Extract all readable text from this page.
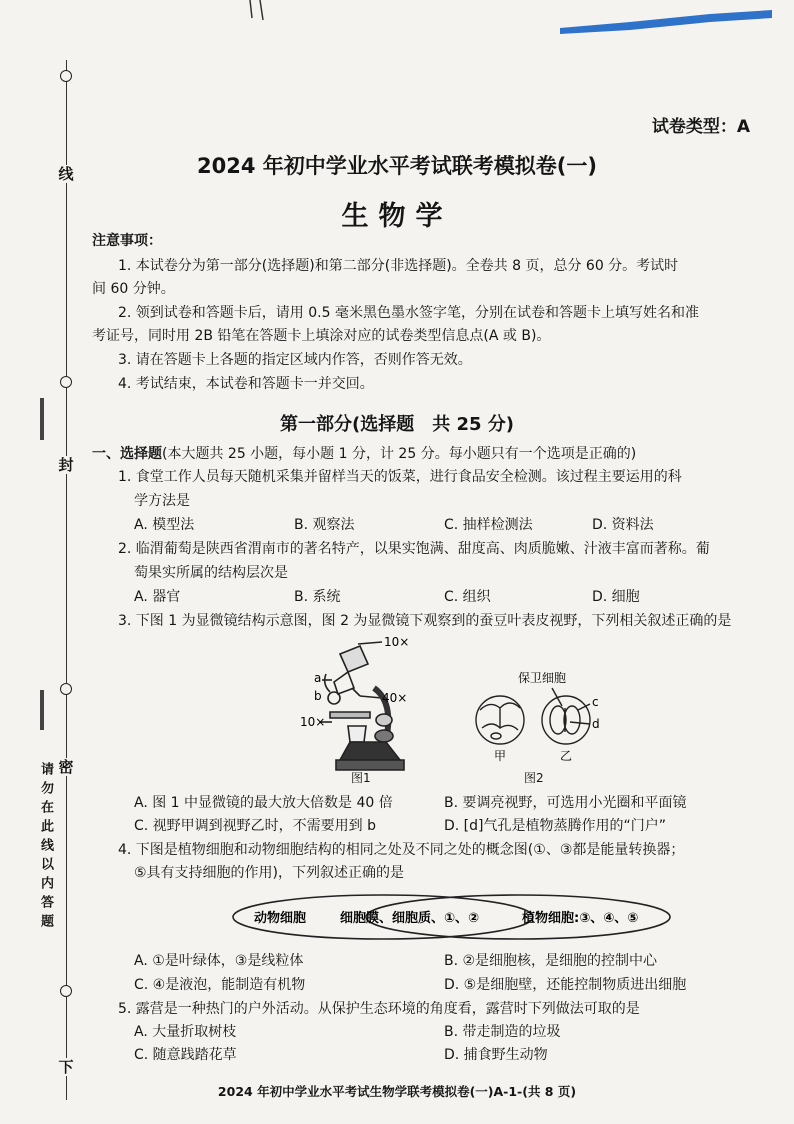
线
封
密
下
请勿在此线以内答题
试卷类型：A
2024 年初中学业水平考试联考模拟卷(一)
生物学
注意事项：
1. 本试卷分为第一部分(选择题)和第二部分(非选择题)。全卷共 8 页，总分 60 分。考试时
间 60 分钟。
2. 领到试卷和答题卡后，请用 0.5 毫米黑色墨水签字笔，分别在试卷和答题卡上填写姓名和准
考证号，同时用 2B 铅笔在答题卡上填涂对应的试卷类型信息点(A 或 B)。
3. 请在答题卡上各题的指定区域内作答，否则作答无效。
4. 考试结束，本试卷和答题卡一并交回。
第一部分(选择题　共 25 分)
一、选择题(本大题共 25 小题，每小题 1 分，计 25 分。每小题只有一个选项是正确的)
1. 食堂工作人员每天随机采集并留样当天的饭菜，进行食品安全检测。该过程主要运用的科
学方法是
A. 模型法	B. 观察法	C. 抽样检测法	D. 资料法
2. 临渭葡萄是陕西省渭南市的著名特产，以果实饱满、甜度高、肉质脆嫩、汁液丰富而著称。葡
萄果实所属的结构层次是
A. 器官	B. 系统	C. 组织	D. 细胞
3. 下图 1 为显微镜结构示意图，图 2 为显微镜下观察到的蚕豆叶表皮视野，下列相关叙述正确的是
10×
40×
10×
a
b
图1
保卫细胞
c
d
甲	乙
图2
A. 图 1 中显微镜的最大放大倍数是 40 倍	B. 要调亮视野，可选用小光圈和平面镜
C. 视野甲调到视野乙时，不需要用到 b	D. [d]气孔是植物蒸腾作用的“门户”
4. 下图是植物细胞和动物细胞结构的相同之处及不同之处的概念图(①、③都是能量转换器；
⑤具有支持细胞的作用)，下列叙述正确的是
动物细胞	细胞膜、细胞质、①、②	植物细胞:③、④、⑤
A. ①是叶绿体，③是线粒体	B. ②是细胞核，是细胞的控制中心
C. ④是液泡，能制造有机物	D. ⑤是细胞壁，还能控制物质进出细胞
5. 露营是一种热门的户外活动。从保护生态环境的角度看，露营时下列做法可取的是
A. 大量折取树枝	B. 带走制造的垃圾
C. 随意践踏花草	D. 捕食野生动物
2024 年初中学业水平考试生物学联考模拟卷(一)A-1-(共 8 页)
